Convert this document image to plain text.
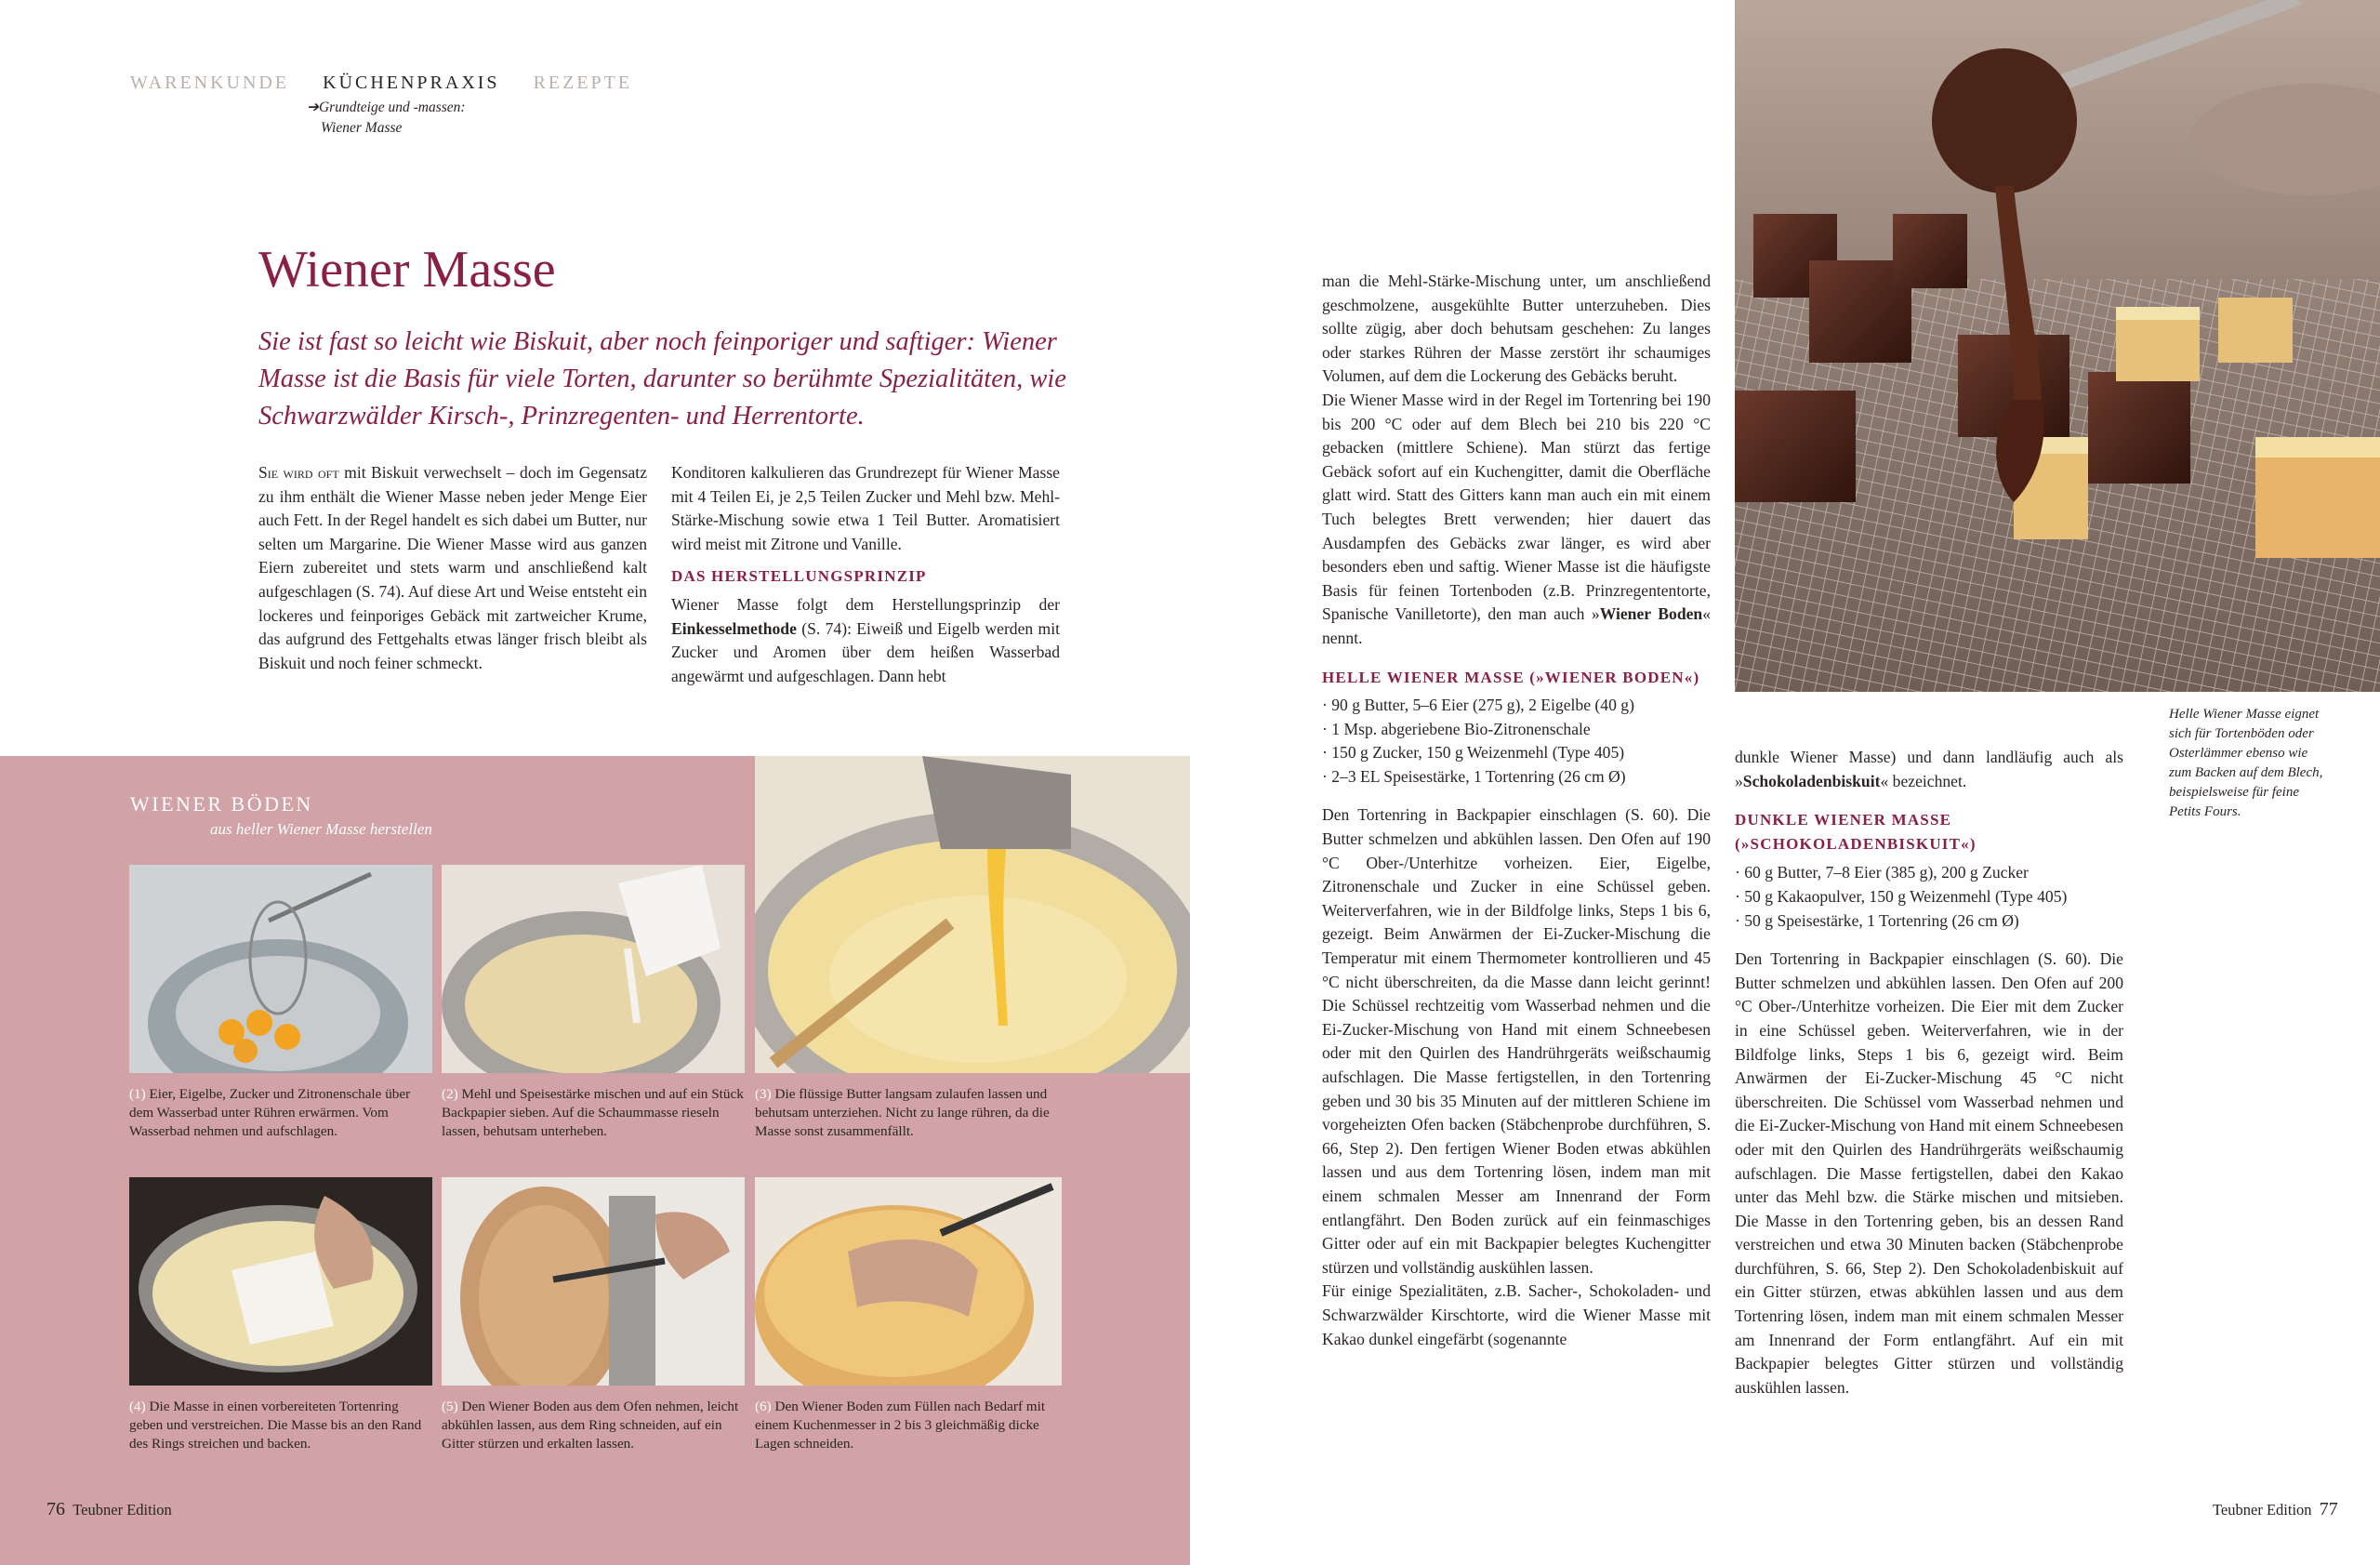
WARENKUNDE KÜCHENPRAXIS REZEPTE
➔Grundteige und -massen:
Wiener Masse
Wiener Masse
Sie ist fast so leicht wie Biskuit, aber noch feinporiger und saftiger: Wiener Masse ist die Basis für viele Torten, darunter so berühmte Spezialitäten, wie Schwarzwälder Kirsch-, Prinzregenten- und Herrentorte.

Sie wird oft mit Biskuit verwechselt – doch im Gegensatz zu ihm enthält die Wiener Masse neben jeder Menge Eier auch Fett. In der Regel handelt es sich dabei um Butter, nur selten um Margarine. Die Wiener Masse wird aus ganzen Eiern zubereitet und stets warm und anschließend kalt aufgeschlagen (S. 74). Auf diese Art und Weise entsteht ein lockeres und feinporiges Gebäck mit zartweicher Krume, das aufgrund des Fettgehalts etwas länger frisch bleibt als Biskuit und noch feiner schmeckt.

Konditoren kalkulieren das Grundrezept für Wiener Masse mit 4 Teilen Ei, je 2,5 Teilen Zucker und Mehl bzw. Mehl-Stärke-Mischung sowie etwa 1 Teil Butter. Aromatisiert wird meist mit Zitrone und Vanille.

DAS HERSTELLUNGSPRINZIP

Wiener Masse folgt dem Herstellungsprinzip der Einkesselmethode (S. 74): Eiweiß und Eigelb werden mit Zucker und Aromen über dem heißen Wasserbad angewärmt und aufgeschlagen. Dann hebt

man die Mehl-Stärke-Mischung unter, um anschließend geschmolzene, ausgekühlte Butter unterzuheben. Dies sollte zügig, aber doch behutsam geschehen: Zu langes oder starkes Rühren der Masse zerstört ihr schaumiges Volumen, auf dem die Lockerung des Gebäcks beruht.

Die Wiener Masse wird in der Regel im Tortenring bei 190 bis 200 °C oder auf dem Blech bei 210 bis 220 °C gebacken (mittlere Schiene). Man stürzt das fertige Gebäck sofort auf ein Kuchengitter, damit die Oberfläche glatt wird. Statt des Gitters kann man auch ein mit einem Tuch belegtes Brett verwenden; hier dauert das Ausdampfen des Gebäcks zwar länger, es wird aber besonders eben und saftig. Wiener Masse ist die häufigste Basis für feinen Tortenboden (z.B. Prinzregententorte, Spanische Vanilletorte), den man auch »Wiener Boden« nennt.

HELLE WIENER MASSE (»WIENER BODEN«)
· 90 g Butter, 5–6 Eier (275 g), 2 Eigelbe (40 g)
· 1 Msp. abgeriebene Bio-Zitronenschale
· 150 g Zucker, 150 g Weizenmehl (Type 405)
· 2–3 EL Speisestärke, 1 Tortenring (26 cm Ø)

Den Tortenring in Backpapier einschlagen (S. 60). Die Butter schmelzen und abkühlen lassen. Den Ofen auf 190 °C Ober-/Unterhitze vorheizen. Eier, Eigelbe, Zitronenschale und Zucker in eine Schüssel geben. Weiterverfahren, wie in der Bildfolge links, Steps 1 bis 6, gezeigt. Beim Anwärmen der Ei-Zucker-Mischung die Temperatur mit einem Thermometer kontrollieren und 45 °C nicht überschreiten, da die Masse dann leicht gerinnt! Die Schüssel rechtzeitig vom Wasserbad nehmen und die Ei-Zucker-Mischung von Hand mit einem Schneebesen oder mit den Quirlen des Handrührgeräts weißschaumig aufschlagen. Die Masse fertigstellen, in den Tortenring geben und 30 bis 35 Minuten auf der mittleren Schiene im vorgeheizten Ofen backen (Stäbchenprobe durchführen, S. 66, Step 2). Den fertigen Wiener Boden etwas abkühlen lassen und aus dem Tortenring lösen, indem man mit einem schmalen Messer am Innenrand der Form entlangfährt. Den Boden zurück auf ein feinmaschiges Gitter oder auf ein mit Backpapier belegtes Kuchengitter stürzen und vollständig auskühlen lassen.

Für einige Spezialitäten, z.B. Sacher-, Schokoladen- und Schwarzwälder Kirschtorte, wird die Wiener Masse mit Kakao dunkel eingefärbt (sogenannte

dunkle Wiener Masse) und dann landläufig auch als »Schokoladenbiskuit« bezeichnet.

DUNKLE WIENER MASSE
(»SCHOKOLADENBISKUIT«)
· 60 g Butter, 7–8 Eier (385 g), 200 g Zucker
· 50 g Kakaopulver, 150 g Weizenmehl (Type 405)
· 50 g Speisestärke, 1 Tortenring (26 cm Ø)

Den Tortenring in Backpapier einschlagen (S. 60). Die Butter schmelzen und abkühlen lassen. Den Ofen auf 200 °C Ober-/Unterhitze vorheizen. Die Eier mit dem Zucker in eine Schüssel geben. Weiterverfahren, wie in der Bildfolge links, Steps 1 bis 6, gezeigt wird. Beim Anwärmen der Ei-Zucker-Mischung 45 °C nicht überschreiten. Die Schüssel vom Wasserbad nehmen und die Ei-Zucker-Mischung von Hand mit einem Schneebesen oder mit den Quirlen des Handrührgeräts weißschaumig aufschlagen. Die Masse fertigstellen, dabei den Kakao unter das Mehl bzw. die Stärke mischen und mitsieben. Die Masse in den Tortenring geben, bis an dessen Rand verstreichen und etwa 30 Minuten backen (Stäbchenprobe durchführen, S. 66, Step 2). Den Schokoladenbiskuit auf ein Gitter stürzen, etwas abkühlen lassen und aus dem Tortenring lösen, indem man mit einem schmalen Messer am Innenrand der Form entlangfährt. Auf ein mit Backpapier belegtes Gitter stürzen und vollständig auskühlen lassen.

Helle Wiener Masse eignet sich für Tortenböden oder Osterlämmer ebenso wie zum Backen auf dem Blech, beispielsweise für feine Petits Fours.
WIENER BÖDEN
aus heller Wiener Masse herstellen
(1) Eier, Eigelbe, Zucker und Zitronenschale über dem Wasserbad unter Rühren erwärmen. Vom Wasserbad nehmen und aufschlagen.
(2) Mehl und Speisestärke mischen und auf ein Stück Backpapier sieben. Auf die Schaummasse rieseln lassen, behutsam unterheben.
(3) Die flüssige Butter langsam zulaufen lassen und behutsam unterziehen. Nicht zu lange rühren, da die Masse sonst zusammenfällt.
(4) Die Masse in einen vorbereiteten Tortenring geben und verstreichen. Die Masse bis an den Rand des Rings streichen und backen.
(5) Den Wiener Boden aus dem Ofen nehmen, leicht abkühlen lassen, aus dem Ring schneiden, auf ein Gitter stürzen und erkalten lassen.
(6) Den Wiener Boden zum Füllen nach Bedarf mit einem Kuchenmesser in 2 bis 3 gleichmäßig dicke Lagen schneiden.
76 Teubner Edition	Teubner Edition 77
